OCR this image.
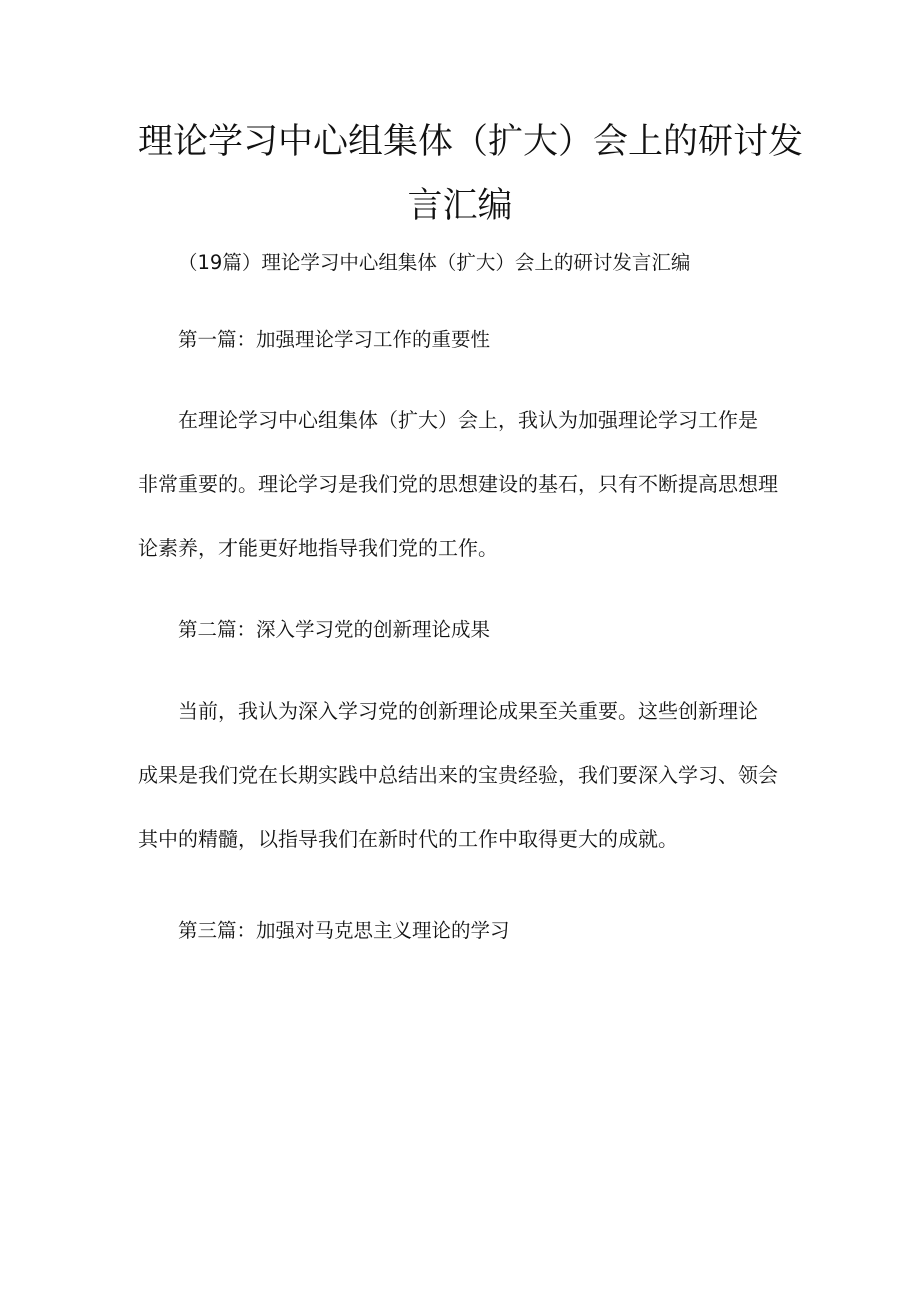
理论学习中心组集体（扩大）会上的研讨发
言汇编

（19篇）理论学习中心组集体（扩大）会上的研讨发言汇编

第一篇：加强理论学习工作的重要性

在理论学习中心组集体（扩大）会上，我认为加强理论学习工作是
非常重要的。理论学习是我们党的思想建设的基石，只有不断提高思想理
论素养，才能更好地指导我们党的工作。

第二篇：深入学习党的创新理论成果

当前，我认为深入学习党的创新理论成果至关重要。这些创新理论
成果是我们党在长期实践中总结出来的宝贵经验，我们要深入学习、领会
其中的精髓，以指导我们在新时代的工作中取得更大的成就。

第三篇：加强对马克思主义理论的学习
